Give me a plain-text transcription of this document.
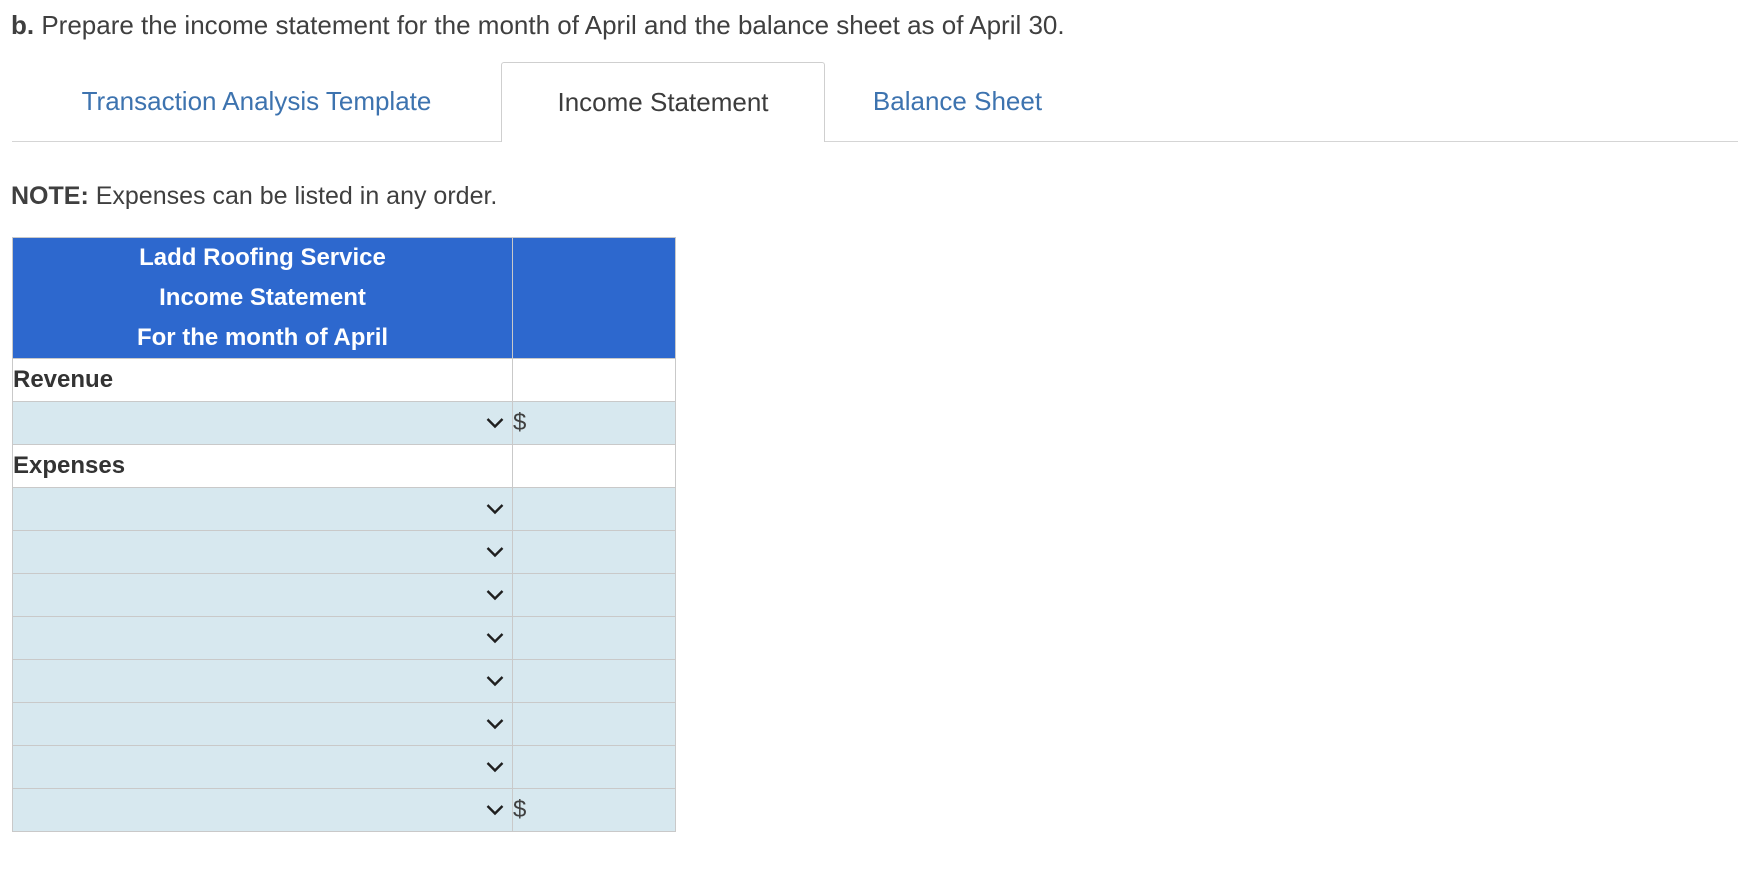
b. Prepare the income statement for the month of April and the balance sheet as of April 30.
Transaction Analysis Template	Income Statement	Balance Sheet
NOTE: Expenses can be listed in any order.
Ladd Roofing Service
Income Statement
For the month of April	

Revenue	

	$
Expenses	

	$
